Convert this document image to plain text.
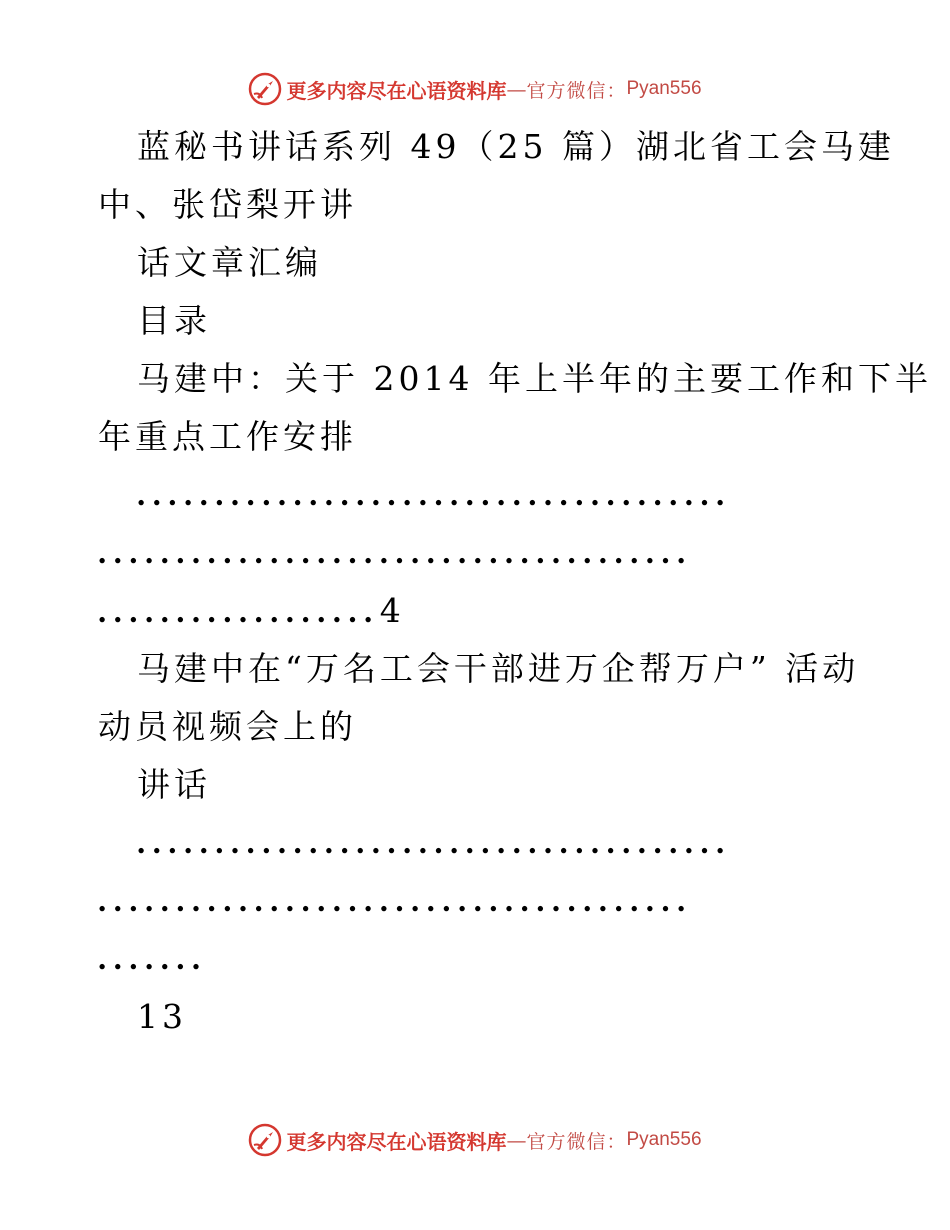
更多内容尽在心语资料库 — 官方微信： Pyan556
蓝秘书讲话系列 49（25 篇）湖北省工会马建
中、张岱梨开讲
话文章汇编
目录
马建中：关于 2014 年上半年的主要工作和下半
年重点工作安排
......................................
......................................
..................4
马建中在“万名工会干部进万企帮万户” 活动
动员视频会上的
讲话
......................................
......................................
.......
13
更多内容尽在心语资料库 — 官方微信： Pyan556
